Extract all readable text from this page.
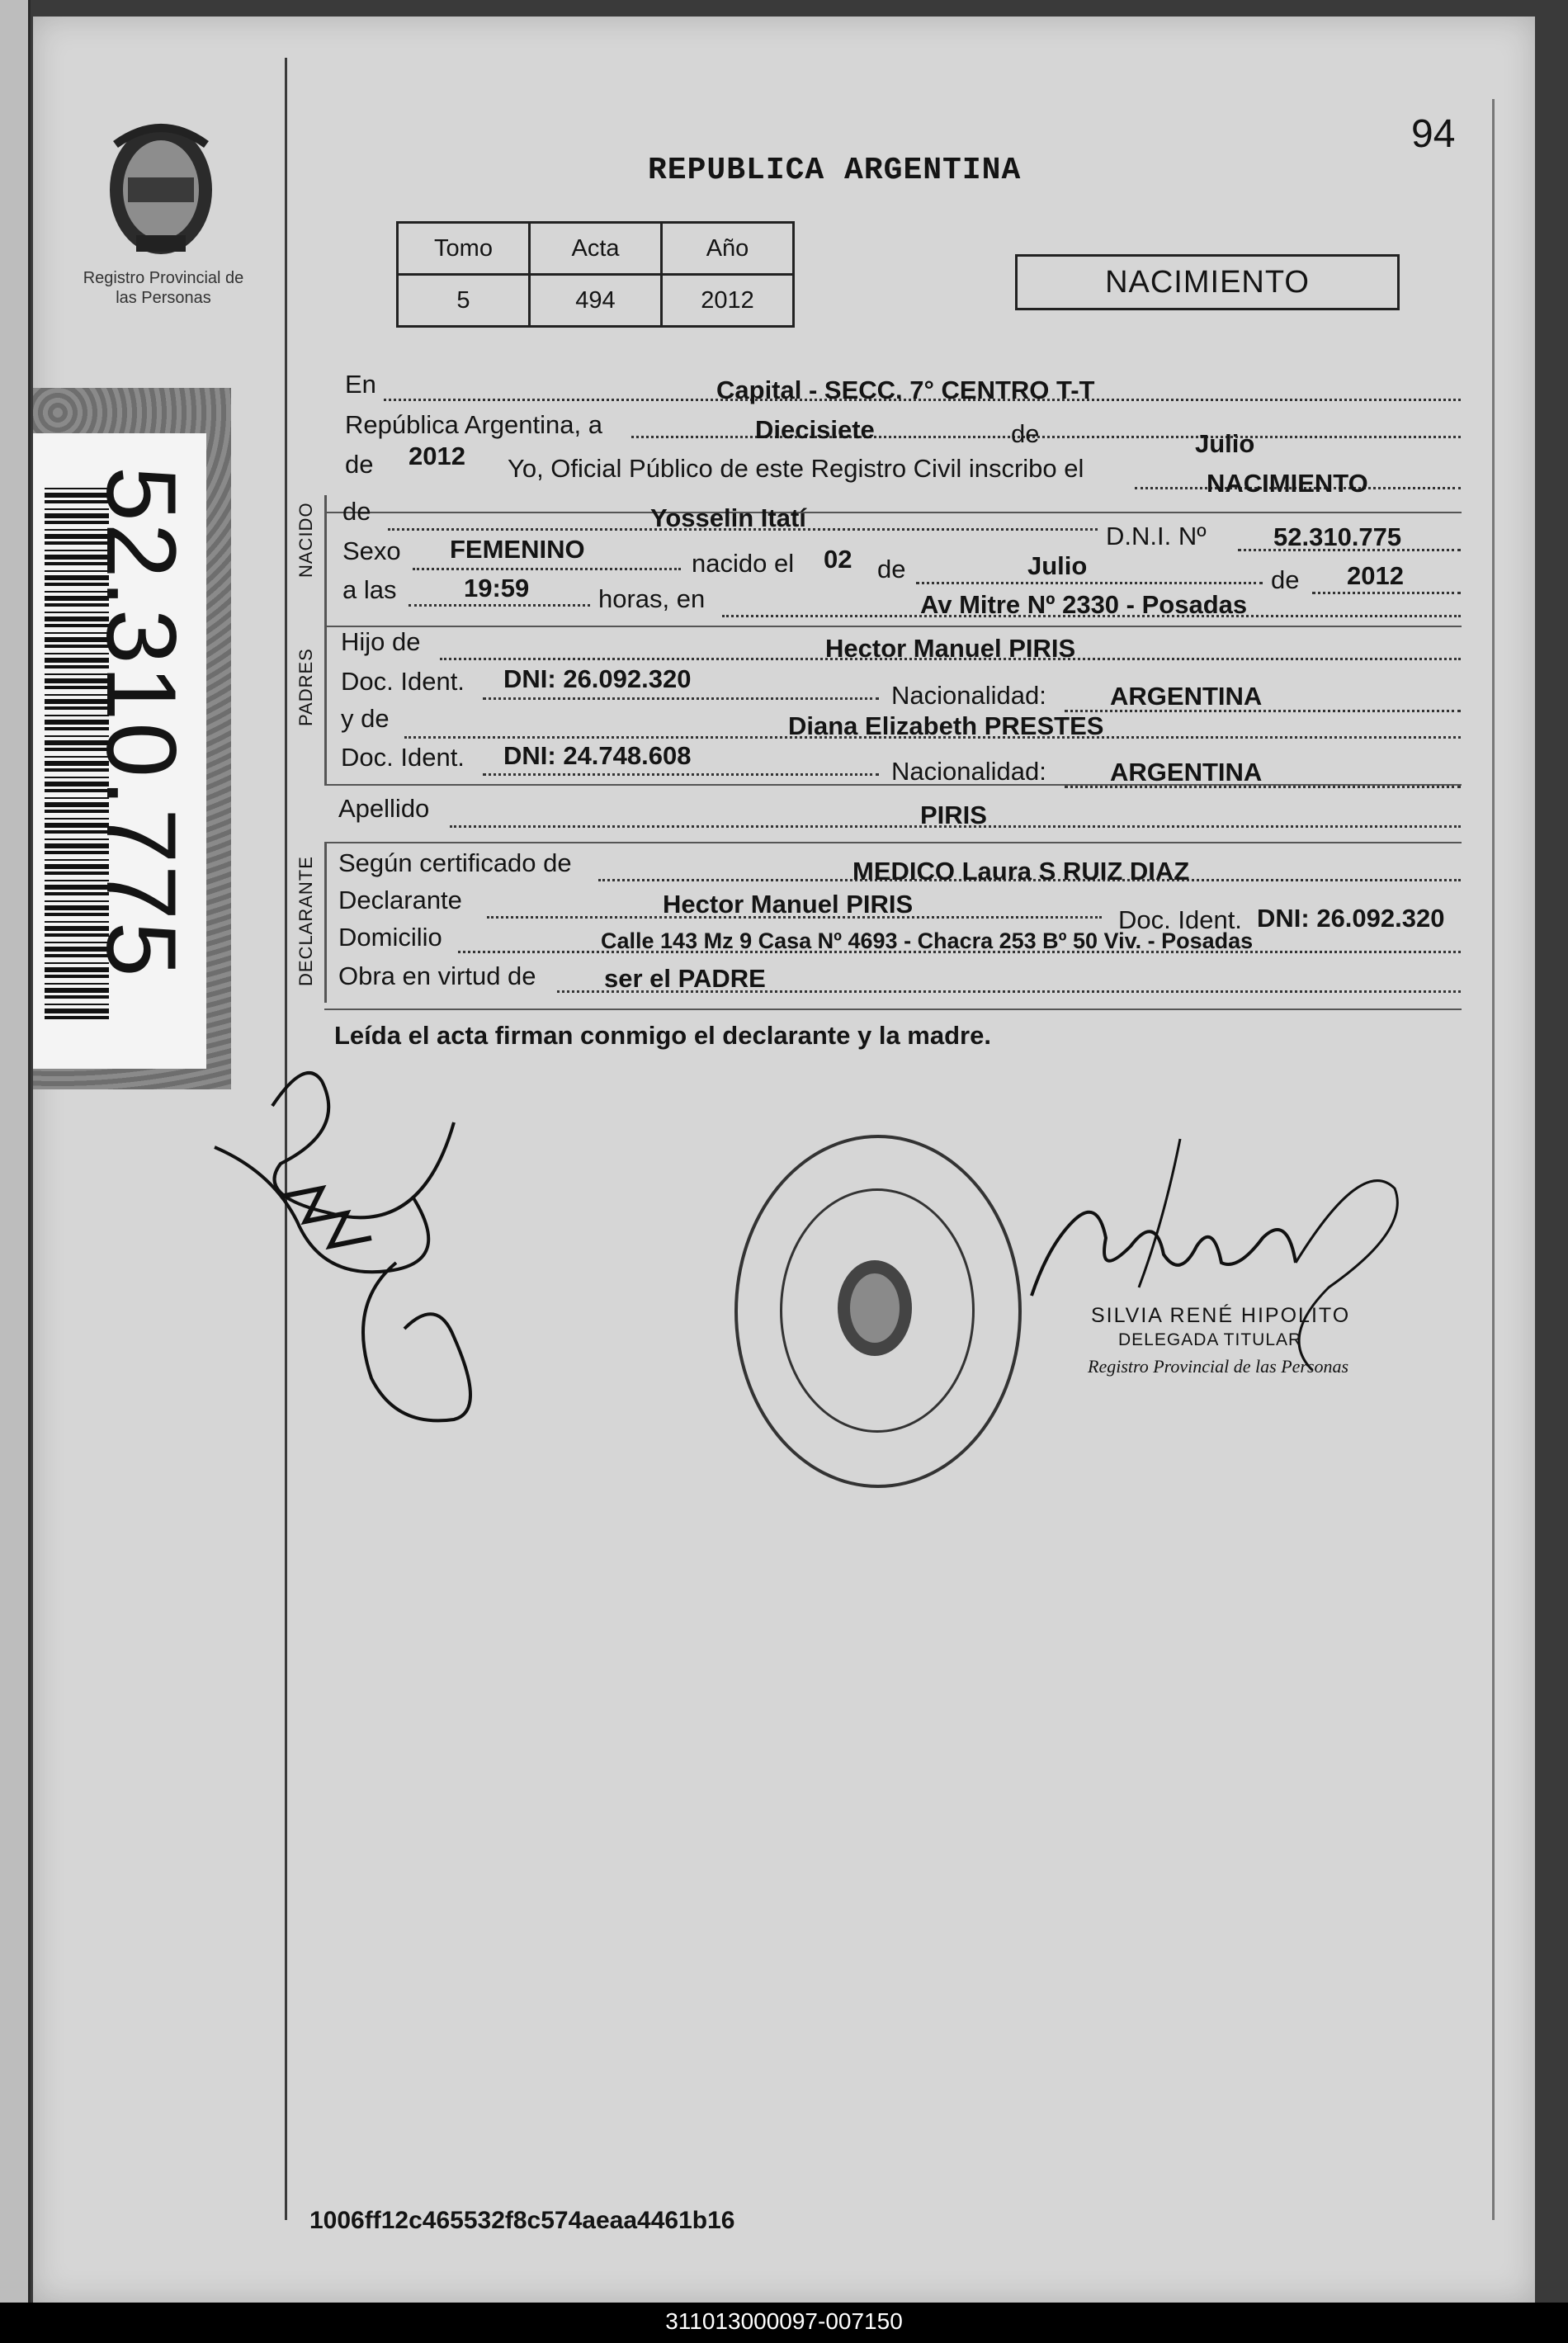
Registro Provincial de las Personas
94
REPUBLICA ARGENTINA
Tomo	Acta	Año
5	494	2012
NACIMIENTO
52.310.775	NACIDO
PADRES
DECLARANTE
En	Capital - SECC. 7° CENTRO T-T
República Argentina, a	Diecisiete	de	Julio
de 2012 Yo, Oficial Público de este Registro Civil inscribo el
NACIMIENTO
de	Yosselin Itatí
D.N.I. Nº	52.310.775
Sexo FEMENINO	nacido el 02 de	Julio	de 2012
a las	19:59	horas, en	Av Mitre Nº 2330 - Posadas
Hijo de	Hector Manuel PIRIS
Doc. Ident. DNI: 26.092.320
Nacionalidad: ARGENTINA
y de	Diana Elizabeth PRESTES
Doc. Ident. DNI: 24.748.608
Nacionalidad: ARGENTINA
Apellido	PIRIS
Según certificado de	MEDICO Laura S RUIZ DIAZ
Declarante	Hector Manuel PIRIS
Doc. Ident. DNI: 26.092.320
Domicilio	Calle 143 Mz 9 Casa Nº 4693 - Chacra 253 Bº 50 Viv. - Posadas
Obra en virtud de	ser el PADRE
Leída el acta firman conmigo el declarante y la madre.
SILVIA RENÉ HIPOLITO
DELEGADA TITULAR
Registro Provincial de las Personas
1006ff12c465532f8c574aeaa4461b16
311013000097-007150
